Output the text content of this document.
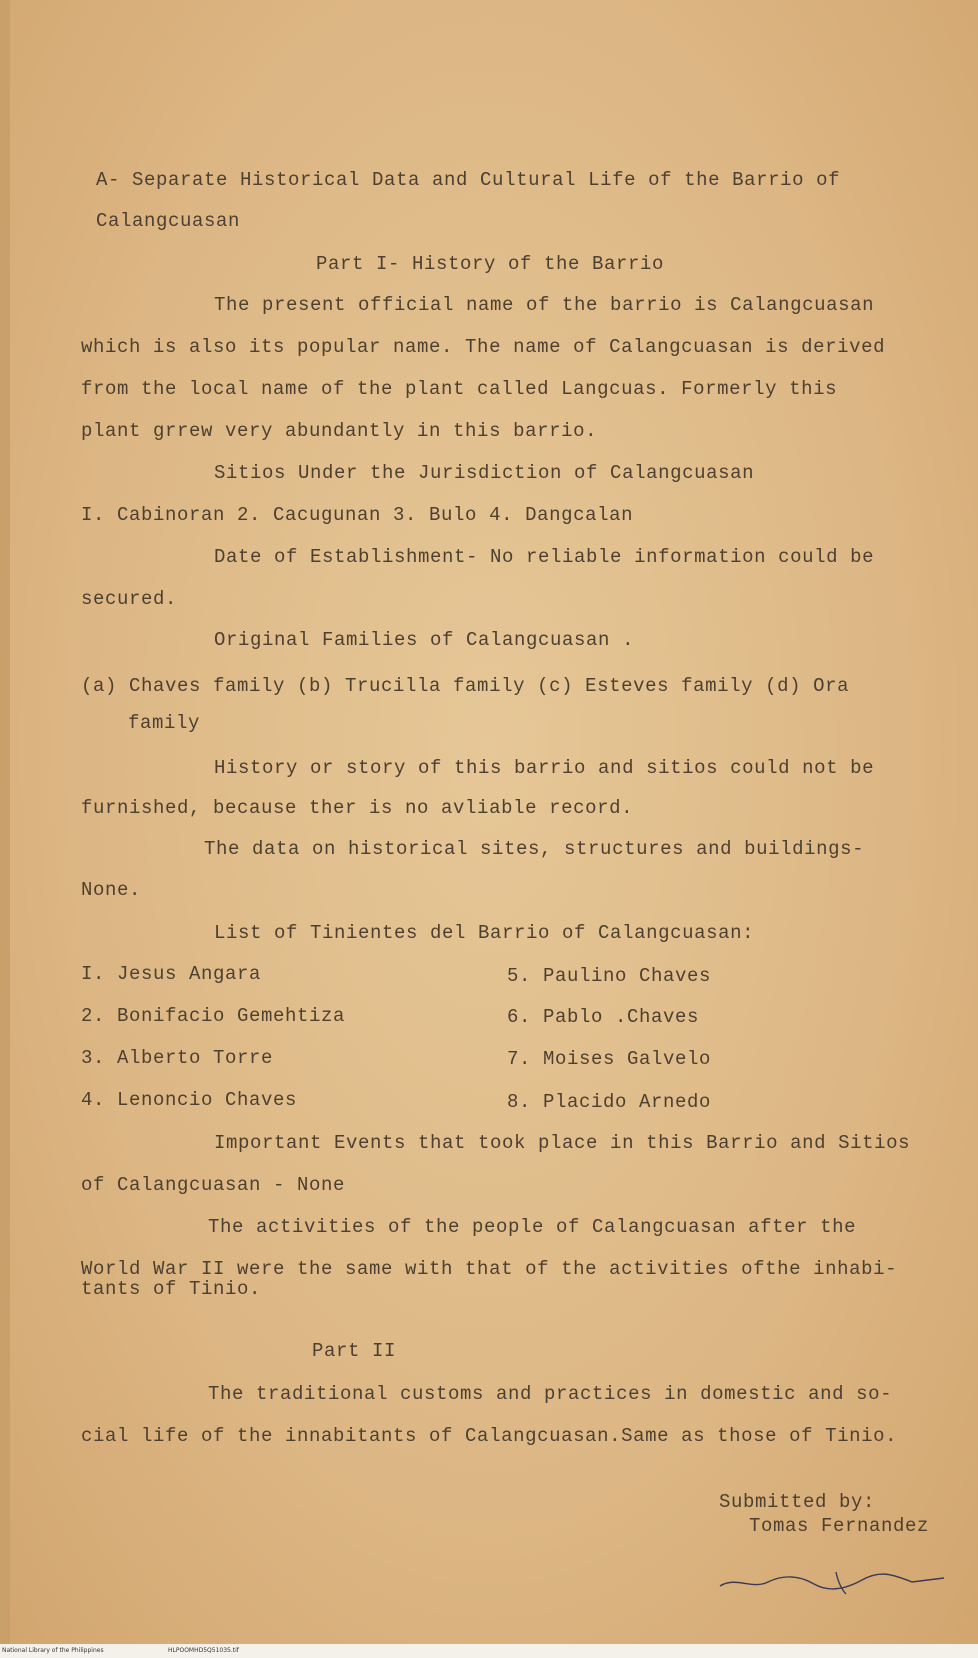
A- Separate Historical Data and Cultural Life of the Barrio of
Calangcuasan
Part I- History of the Barrio
The present official name of the barrio is Calangcuasan
which is also its popular name. The name of Calangcuasan is derived
from the local name of the plant called Langcuas. Formerly this
plant grrew very abundantly in this barrio.
Sitios Under the Jurisdiction of Calangcuasan
I. Cabinoran 2. Cacugunan 3. Bulo 4. Dangcalan
Date of Establishment- No reliable information could be
secured.
Original Families of Calangcuasan .
(a) Chaves family (b) Trucilla family (c) Esteves family (d) Ora
family
History or story of this barrio and sitios could not be
furnished, because ther is no avliable record.
The data on historical sites, structures and buildings-
None.
List of Tinientes del Barrio of Calangcuasan:
I. Jesus Angara
2. Bonifacio Gemehtiza
3. Alberto Torre
4. Lenoncio Chaves
5. Paulino Chaves
6. Pablo .Chaves
7. Moises Galvelo
8. Placido Arnedo
Important Events that took place in this Barrio and Sitios
of Calangcuasan - None
The activities of the people of Calangcuasan after the
World War II were the same with that of the activities ofthe inhabi-
tants of Tinio.
Part II
The traditional customs and practices in domestic and so-
cial life of the innabitants of Calangcuasan.Same as those of Tinio.
Submitted by:
Tomas Fernandez
National Library of the Philippines	HLPOOMHD5Q51035.tif
